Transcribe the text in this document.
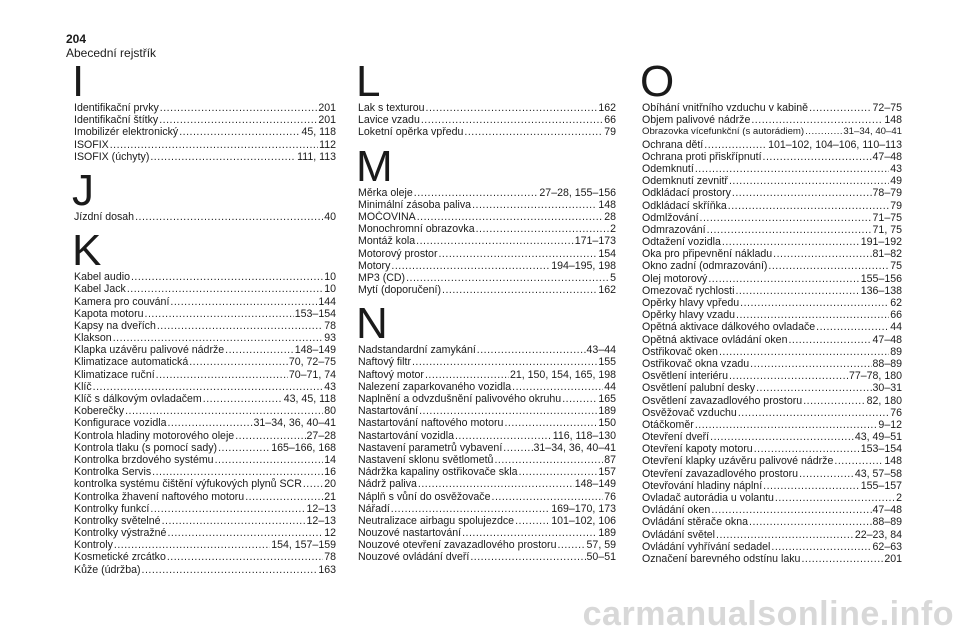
204
Abecední rejstřík
I
Identifikační prvky .....	201
Identifikační štítky .....	201
Imobilizér elektronický .....	45, 118
ISOFIX .....	112
ISOFIX (úchyty) .....	111, 113
J
Jízdní dosah .....	40
K
Kabel audio .....	10
Kabel Jack .....	10
Kamera pro couvání .....	144
Kapota motoru .....	153–154
Kapsy na dveřích .....	78
Klakson .....	93
Klapka uzávěru palivové nádrže .....	148–149
Klimatizace automatická .....	70, 72–75
Klimatizace ruční .....	70–71, 74
Klíč .....	43
Klíč s dálkovým ovladačem .....	43, 45, 118
Koberečky .....	80
Konfigurace vozidla .....	31–34, 36, 40–41
Kontrola hladiny motorového oleje .....	27–28
Kontrola tlaku (s pomocí sady) .....	165–166, 168
Kontrolka brzdového systému .....	14
Kontrolka Servis .....	16
kontrolka systému čištění výfukových plynů SCR ..... 20
Kontrolka žhavení naftového motoru .....	21
Kontrolky funkcí .....	12–13
Kontrolky světelné .....	12–13
Kontrolky výstražné .....	12
Kontroly .....	154, 157–159
Kosmetické zrcátko .....	78
Kůže (údržba) .....	163
L
Lak s texturou .....	162
Lavice vzadu .....	66
Loketní opěrka vpředu .....	79
M
Měrka oleje .....	27–28, 155–156
Minimální zásoba paliva .....	148
MOČOVINA .....	28
Monochromní obrazovka .....	2
Montáž kola .....	171–173
Motorový prostor .....	154
Motory .....	194–195, 198
MP3 (CD) .....	5
Mytí (doporučení) .....	162
N
Nadstandardní zamykání .....	43–44
Naftový filtr .....	155
Naftový motor .....	21, 150, 154, 165, 198
Nalezení zaparkovaného vozidla .....	44
Naplnění a odvzdušnění palivového okruhu .....	165
Nastartování .....	189
Nastartování naftového motoru .....	150
Nastartování vozidla .....	116, 118–130
Nastavení parametrů vybavení .....	31–34, 36, 40–41
Nastavení sklonu světlometů .....	87
Nádržka kapaliny ostřikovače skla .....	157
Nádrž paliva .....	148–149
Náplň s vůní do osvěžovače .....	76
Nářadí .....	169–170, 173
Neutralizace airbagu spolujezdce .....	101–102, 106
Nouzové nastartování .....	189
Nouzové otevření zavazadlového prostoru .....	57, 59
Nouzové ovládání dveří .....	50–51
O
Obíhání vnitřního vzduchu v kabině .....	72–75
Objem palivové nádrže .....	148
Obrazovka vícefunkční (s autorádiem) .....	31–34, 40–41
Ochrana dětí .....	101–102, 104–106, 110–113
Ochrana proti přiskřípnutí .....	47–48
Odemknutí .....	43
Odemknutí zevnitř .....	49
Odkládací prostory .....	78–79
Odkládací skříňka .....	79
Odmlžování .....	71–75
Odmrazování .....	71, 75
Odtažení vozidla .....	191–192
Oka pro připevnění nákladu .....	81–82
Okno zadní (odmrazování) .....	75
Olej motorový .....	155–156
Omezovač rychlosti .....	136–138
Opěrky hlavy vpředu .....	62
Opěrky hlavy vzadu .....	66
Opětná aktivace dálkového ovladače .....	44
Opětná aktivace ovládání oken .....	47–48
Ostřikovač oken .....	89
Ostřikovač okna vzadu .....	88–89
Osvětlení interiéru .....	77–78, 180
Osvětlení palubní desky .....	30–31
Osvětlení zavazadlového prostoru .....	82, 180
Osvěžovač vzduchu .....	76
Otáčkoměr .....	9–12
Otevření dveří .....	43, 49–51
Otevření kapoty motoru .....	153–154
Otevření klapky uzávěru palivové nádrže .....	148
Otevření zavazadlového prostoru .....	43, 57–58
Otevřování hladiny náplní .....	155–157
Ovladač autorádia u volantu .....	2
Ovládání oken .....	47–48
Ovládání stěrače okna .....	88–89
Ovládání světel .....	22–23, 84
Ovládání vyhřívání sedadel .....	62–63
Označení barevného odstínu laku .....	201
carmanualsonline.info
